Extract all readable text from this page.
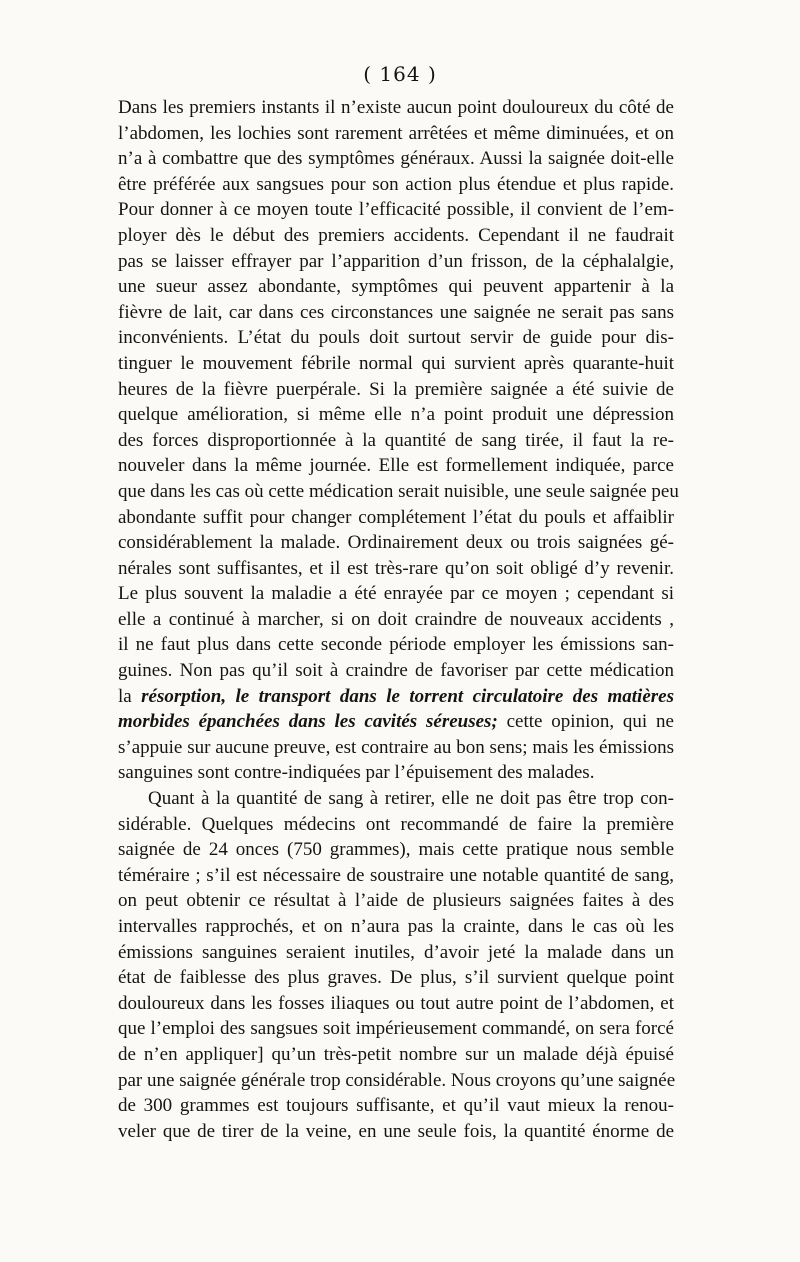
( 164 )
Dans les premiers instants il n’existe aucun point douloureux du côté de
l’abdomen, les lochies sont rarement arrêtées et même diminuées, et on
n’a à combattre que des symptômes généraux. Aussi la saignée doit-elle
être préférée aux sangsues pour son action plus étendue et plus rapide.
Pour donner à ce moyen toute l’efficacité possible, il convient de l’em-
ployer dès le début des premiers accidents. Cependant il ne faudrait
pas se laisser effrayer par l’apparition d’un frisson, de la céphalalgie,
une sueur assez abondante, symptômes qui peuvent appartenir à la
fièvre de lait, car dans ces circonstances une saignée ne serait pas sans
inconvénients. L’état du pouls doit surtout servir de guide pour dis-
tinguer le mouvement fébrile normal qui survient après quarante-huit
heures de la fièvre puerpérale. Si la première saignée a été suivie de
quelque amélioration, si même elle n’a point produit une dépression
des forces disproportionnée à la quantité de sang tirée, il faut la re-
nouveler dans la même journée. Elle est formellement indiquée, parce
que dans les cas où cette médication serait nuisible, une seule saignée peu
abondante suffit pour changer complétement l’état du pouls et affaiblir
considérablement la malade. Ordinairement deux ou trois saignées gé-
nérales sont suffisantes, et il est très-rare qu’on soit obligé d’y revenir.
Le plus souvent la maladie a été enrayée par ce moyen ; cependant si
elle a continué à marcher, si on doit craindre de nouveaux accidents ,
il ne faut plus dans cette seconde période employer les émissions san-
guines. Non pas qu’il soit à craindre de favoriser par cette médication
la résorption, le transport dans le torrent circulatoire des matières
morbides épanchées dans les cavités séreuses; cette opinion, qui ne
s’appuie sur aucune preuve, est contraire au bon sens; mais les émissions
sanguines sont contre-indiquées par l’épuisement des malades.
Quant à la quantité de sang à retirer, elle ne doit pas être trop con-
sidérable. Quelques médecins ont recommandé de faire la première
saignée de 24 onces (750 grammes), mais cette pratique nous semble
téméraire ; s’il est nécessaire de soustraire une notable quantité de sang,
on peut obtenir ce résultat à l’aide de plusieurs saignées faites à des
intervalles rapprochés, et on n’aura pas la crainte, dans le cas où les
émissions sanguines seraient inutiles, d’avoir jeté la malade dans un
état de faiblesse des plus graves. De plus, s’il survient quelque point
douloureux dans les fosses iliaques ou tout autre point de l’abdomen, et
que l’emploi des sangsues soit impérieusement commandé, on sera forcé
de n’en appliquer] qu’un très-petit nombre sur un malade déjà épuisé
par une saignée générale trop considérable. Nous croyons qu’une saignée
de 300 grammes est toujours suffisante, et qu’il vaut mieux la renou-
veler que de tirer de la veine, en une seule fois, la quantité énorme de
